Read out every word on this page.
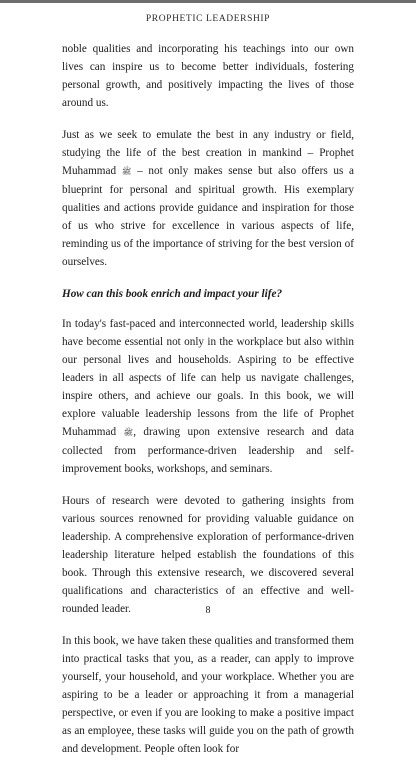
PROPHETIC LEADERSHIP

noble qualities and incorporating his teachings into our own lives can inspire us to become better individuals, fostering personal growth, and positively impacting the lives of those around us.

Just as we seek to emulate the best in any industry or field, studying the life of the best creation in mankind – Prophet Muhammad ﷺ – not only makes sense but also offers us a blueprint for personal and spiritual growth. His exemplary qualities and actions provide guidance and inspiration for those of us who strive for excellence in various aspects of life, reminding us of the importance of striving for the best version of ourselves.

How can this book enrich and impact your life?

In today's fast-paced and interconnected world, leadership skills have become essential not only in the workplace but also within our personal lives and households. Aspiring to be effective leaders in all aspects of life can help us navigate challenges, inspire others, and achieve our goals. In this book, we will explore valuable leadership lessons from the life of Prophet Muhammad ﷺ, drawing upon extensive research and data collected from performance-driven leadership and self-improvement books, workshops, and seminars.

Hours of research were devoted to gathering insights from various sources renowned for providing valuable guidance on leadership. A comprehensive exploration of performance-driven leadership literature helped establish the foundations of this book. Through this extensive research, we discovered several qualifications and characteristics of an effective and well-rounded leader.

In this book, we have taken these qualities and transformed them into practical tasks that you, as a reader, can apply to improve yourself, your household, and your workplace. Whether you are aspiring to be a leader or approaching it from a managerial perspective, or even if you are looking to make a positive impact as an employee, these tasks will guide you on the path of growth and development. People often look for

8
